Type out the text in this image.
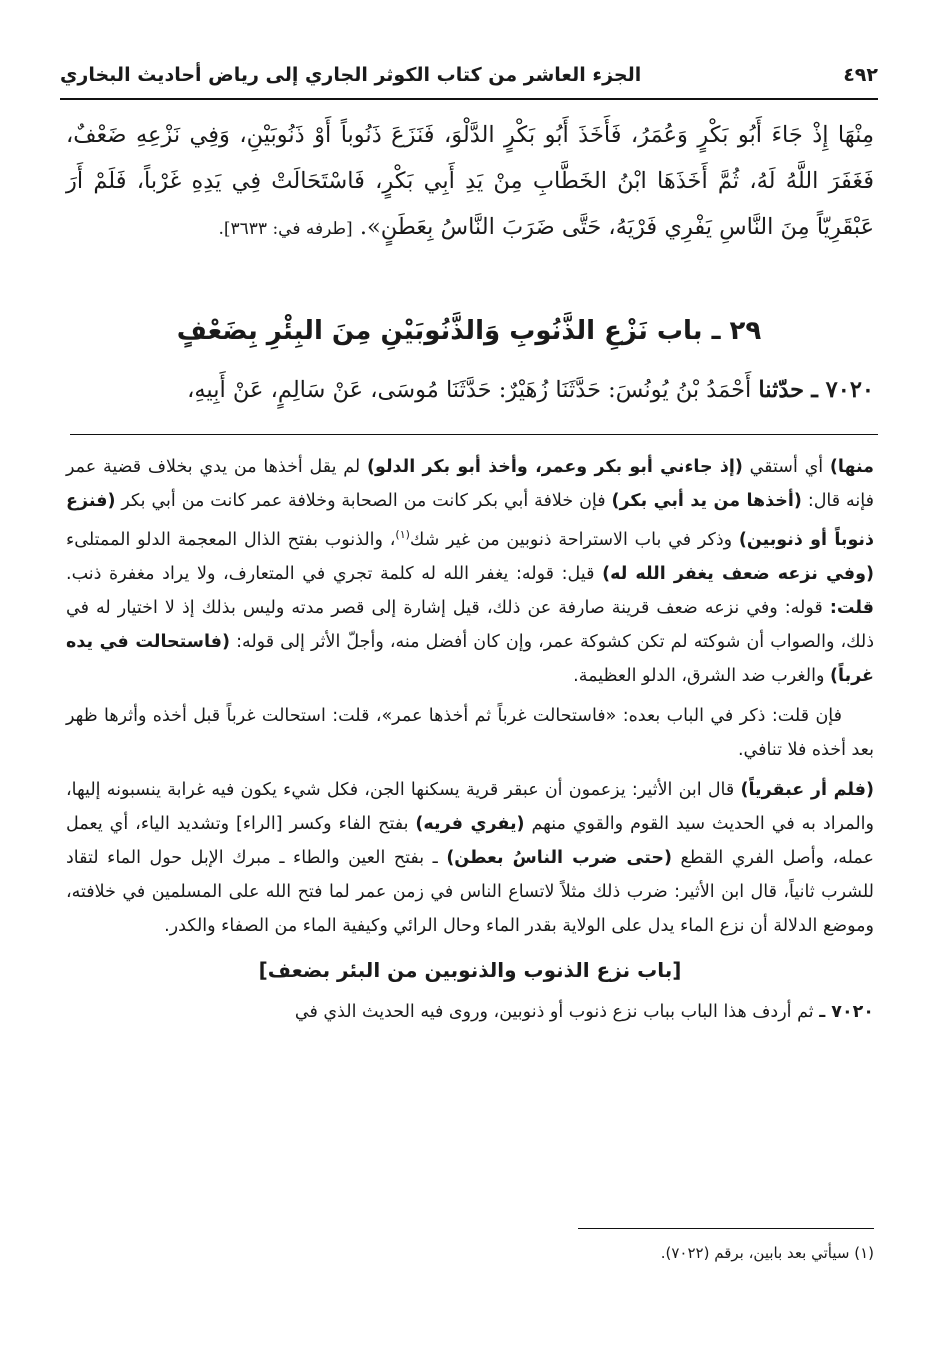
٤٩٢
الجزء العاشر من كتاب الكوثر الجاري إلى رياض أحاديث البخاري
مِنْهَا إِذْ جَاءَ أَبُو بَكْرٍ وَعُمَرُ، فَأَخَذَ أَبُو بَكْرٍ الدَّلْوَ، فَنَزَعَ ذَنُوباً أَوْ ذَنُوبَيْنِ، وَفِي نَزْعِهِ ضَعْفٌ، فَغَفَرَ اللَّهُ لَهُ، ثُمَّ أَخَذَهَا ابْنُ الخَطَّابِ مِنْ يَدِ أَبِي بَكْرٍ، فَاسْتَحَالَتْ فِي يَدِهِ غَرْباً، فَلَمْ أَرَ عَبْقَرِيّاً مِنَ النَّاسِ يَفْرِي فَرْيَهُ، حَتَّى ضَرَبَ النَّاسُ بِعَطَنٍ». [طرفه في: ٣٦٣٣].
٢٩ ـ باب نَزْعِ الذَّنُوبِ وَالذَّنُوبَيْنِ مِنَ البِئْرِ بِضَعْفٍ
٧٠٢٠ ـ حدّثنا أَحْمَدُ بْنُ يُونُسَ: حَدَّثَنَا زُهَيْرٌ: حَدَّثَنَا مُوسَى، عَنْ سَالِمٍ، عَنْ أَبِيهِ،

منها) أي أستقي (إذ جاءني أبو بكر وعمر، وأخذ أبو بكر الدلو) لم يقل أخذها من يدي بخلاف قضية عمر فإنه قال: (أخذها من يد أبي بكر) فإن خلافة أبي بكر كانت من الصحابة وخلافة عمر كانت من أبي بكر (فنزع ذنوباً أو ذنوبين) وذكر في باب الاستراحة ذنوبين من غير شك$^{(١)}$، والذنوب بفتح الذال المعجمة الدلو الممتلىء (وفي نزعه ضعف يغفر الله له) قيل: قوله: يغفر الله له كلمة تجري في المتعارف، ولا يراد مغفرة ذنب. قلت: قوله: وفي نزعه ضعف قرينة صارفة عن ذلك، قيل إشارة إلى قصر مدته وليس بذلك إذ لا اختيار له في ذلك، والصواب أن شوكته لم تكن كشوكة عمر، وإن كان أفضل منه، وأجلّ الأثر إلى قوله: (فاستحالت في يده غرباً) والغرب ضد الشرق، الدلو العظيمة.

فإن قلت: ذكر في الباب بعده: «فاستحالت غرباً ثم أخذها عمر»، قلت: استحالت غرباً قبل أخذه وأثرها ظهر بعد أخذه فلا تنافي.

(فلم أر عبقرياً) قال ابن الأثير: يزعمون أن عبقر قرية يسكنها الجن، فكل شيء يكون فيه غرابة ينسبونه إليها، والمراد به في الحديث سيد القوم والقوي منهم (يفري فريه) بفتح الفاء وكسر [الراء] وتشديد الياء، أي يعمل عمله، وأصل الفري القطع (حتى ضرب الناسُ بعطن) ـ بفتح العين والطاء ـ مبرك الإبل حول الماء لتقاد للشرب ثانياً، قال ابن الأثير: ضرب ذلك مثلاً لاتساع الناس في زمن عمر لما فتح الله على المسلمين في خلافته، وموضع الدلالة أن نزع الماء يدل على الولاية بقدر الماء وحال الرائي وكيفية الماء من الصفاء والكدر.

[باب نزع الذنوب والذنوبين من البئر بضعف]

٧٠٢٠ ـ ثم أردف هذا الباب بباب نزع ذنوب أو ذنوبين، وروى فيه الحديث الذي في

(١) سيأتي بعد بابين، برقم (٧٠٢٢).
